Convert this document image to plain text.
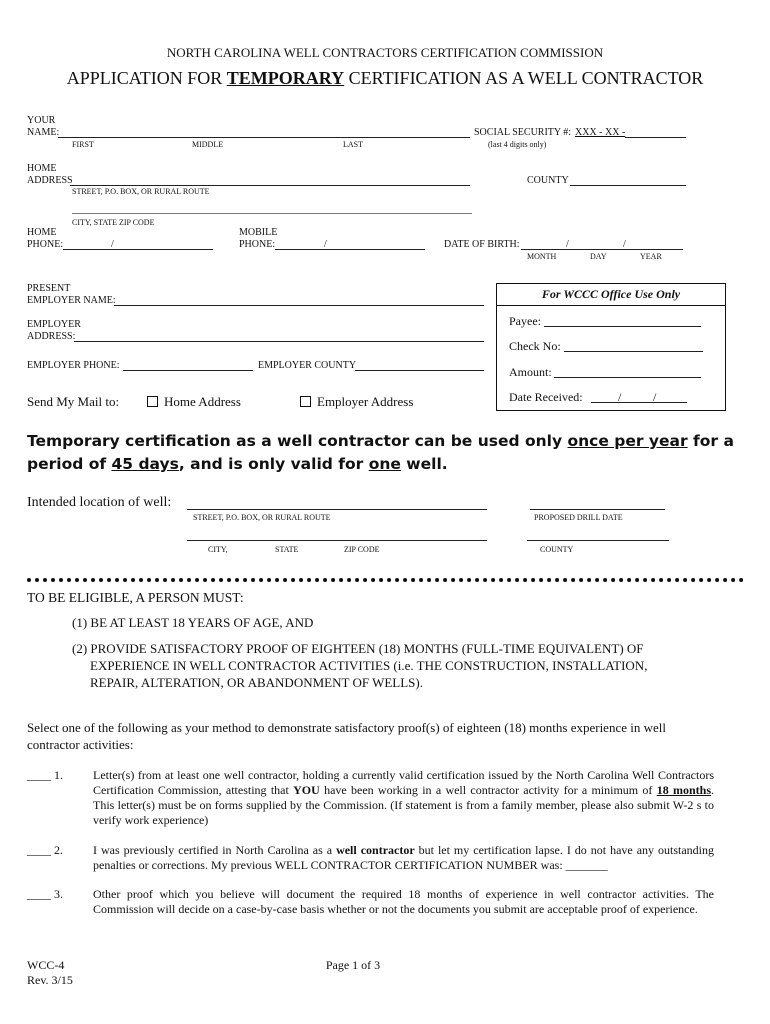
NORTH CAROLINA WELL CONTRACTORS CERTIFICATION COMMISSION
APPLICATION FOR TEMPORARY CERTIFICATION AS A WELL CONTRACTOR
YOUR
NAME:
FIRST	MIDDLE	LAST
SOCIAL SECURITY #: XXX - XX -
(last 4 digits only)
HOME
ADDRESS
STREET, P.O. BOX, OR RURAL ROUTE
COUNTY
CITY, STATE ZIP CODE
HOME
PHONE:	/
MOBILE
PHONE:	/	DATE OF BIRTH:	/	/
MONTH	DAY	YEAR
PRESENT
EMPLOYER NAME:
EMPLOYER
ADDRESS:
EMPLOYER PHONE:	EMPLOYER COUNTY
Send My Mail to:	Home Address	Employer Address
For WCCC Office Use Only
Payee:
Check No:
Amount:
Date Received:	/	/
Temporary certification as a well contractor can be used only once per year for a
period of 45 days, and is only valid for one well.
Intended location of well:
STREET, P.O. BOX, OR RURAL ROUTE	PROPOSED DRILL DATE
CITY,	STATE	ZIP CODE	COUNTY
TO BE ELIGIBLE, A PERSON MUST:
(1) BE AT LEAST 18 YEARS OF AGE, AND
(2) PROVIDE SATISFACTORY PROOF OF EIGHTEEN (18) MONTHS (FULL-TIME EQUIVALENT) OF
EXPERIENCE IN WELL CONTRACTOR ACTIVITIES (i.e. THE CONSTRUCTION, INSTALLATION,
REPAIR, ALTERATION, OR ABANDONMENT OF WELLS).
Select one of the following as your method to demonstrate satisfactory proof(s) of eighteen (18) months experience in well
contractor activities:
____ 1.	Letter(s) from at least one well contractor, holding a currently valid certification issued by the North Carolina Well Contractors Certification Commission, attesting that YOU have been working in a well contractor activity for a minimum of 18 months. This letter(s) must be on forms supplied by the Commission. (If statement is from a family member, please also submit W-2 s to verify work experience)
____ 2.	I was previously certified in North Carolina as a well contractor but let my certification lapse. I do not have any outstanding penalties or corrections. My previous WELL CONTRACTOR CERTIFICATION NUMBER was: _______
____ 3.	Other proof which you believe will document the required 18 months of experience in well contractor activities. The Commission will decide on a case-by-case basis whether or not the documents you submit are acceptable proof of experience.
WCC-4
Rev. 3/15
Page 1 of 3
